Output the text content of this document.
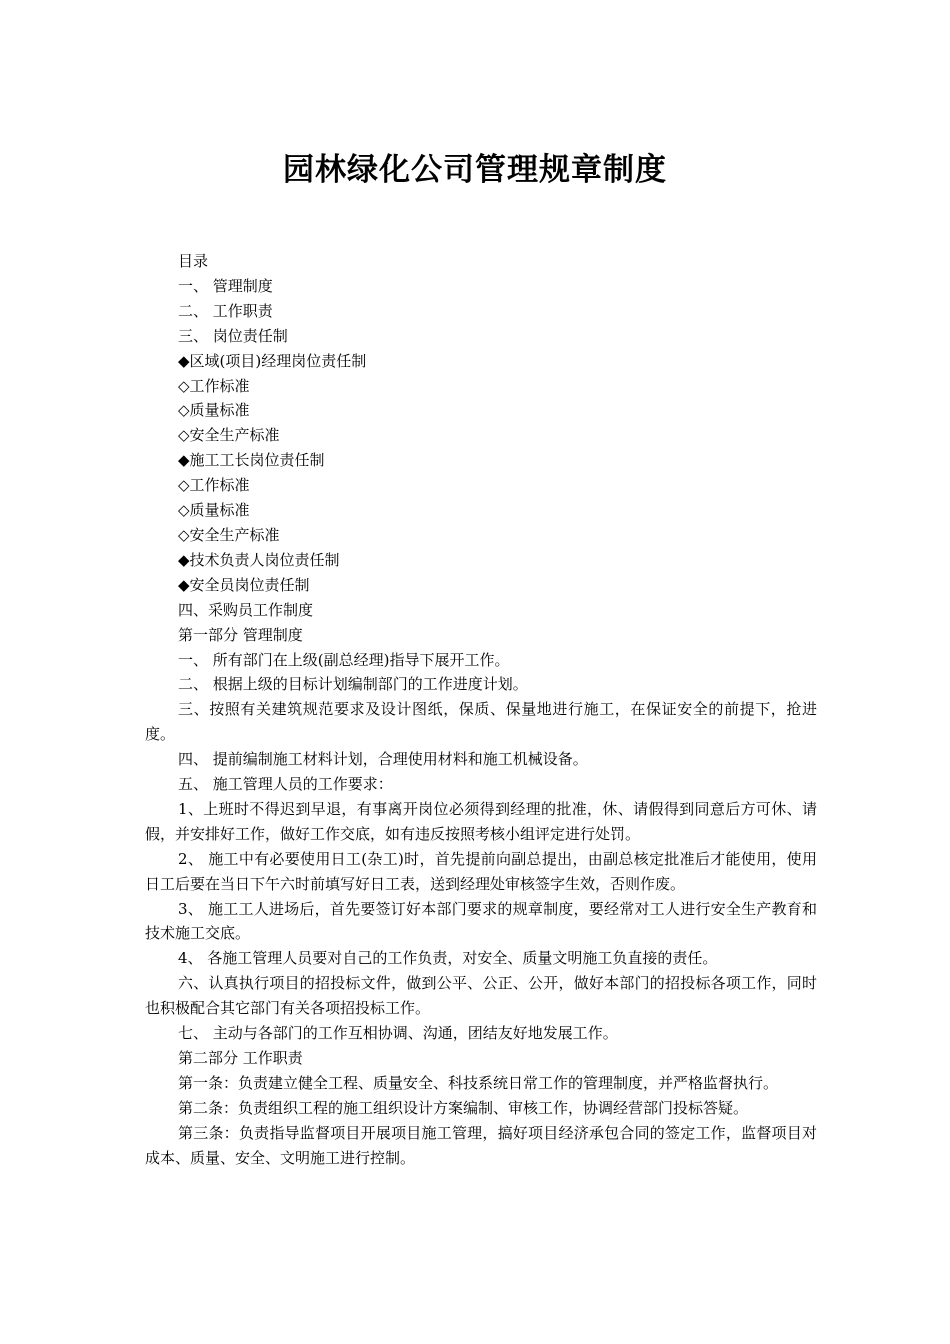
园林绿化公司管理规章制度

目录

一、 管理制度

二、 工作职责

三、 岗位责任制

◆区域(项目)经理岗位责任制

◇工作标准

◇质量标准

◇安全生产标准

◆施工工长岗位责任制

◇工作标准

◇质量标准

◇安全生产标准

◆技术负责人岗位责任制

◆安全员岗位责任制

四、采购员工作制度

第一部分 管理制度

一、 所有部门在上级(副总经理)指导下展开工作。

二、 根据上级的目标计划编制部门的工作进度计划。

三、按照有关建筑规范要求及设计图纸，保质、保量地进行施工，在保证安全的前提下，抢进度。

四、 提前编制施工材料计划，合理使用材料和施工机械设备。

五、 施工管理人员的工作要求：

1、上班时不得迟到早退，有事离开岗位必须得到经理的批准，休、请假得到同意后方可休、请假，并安排好工作，做好工作交底，如有违反按照考核小组评定进行处罚。

2、 施工中有必要使用日工(杂工)时，首先提前向副总提出，由副总核定批准后才能使用，使用日工后要在当日下午六时前填写好日工表，送到经理处审核签字生效，否则作废。

3、 施工工人进场后，首先要签订好本部门要求的规章制度，要经常对工人进行安全生产教育和技术施工交底。

4、 各施工管理人员要对自己的工作负责，对安全、质量文明施工负直接的责任。

六、认真执行项目的招投标文件，做到公平、公正、公开，做好本部门的招投标各项工作，同时也积极配合其它部门有关各项招投标工作。

七、 主动与各部门的工作互相协调、沟通，团结友好地发展工作。

第二部分 工作职责

第一条：负责建立健全工程、质量安全、科技系统日常工作的管理制度，并严格监督执行。

第二条：负责组织工程的施工组织设计方案编制、审核工作，协调经营部门投标答疑。

第三条：负责指导监督项目开展项目施工管理，搞好项目经济承包合同的签定工作，监督项目对成本、质量、安全、文明施工进行控制。
